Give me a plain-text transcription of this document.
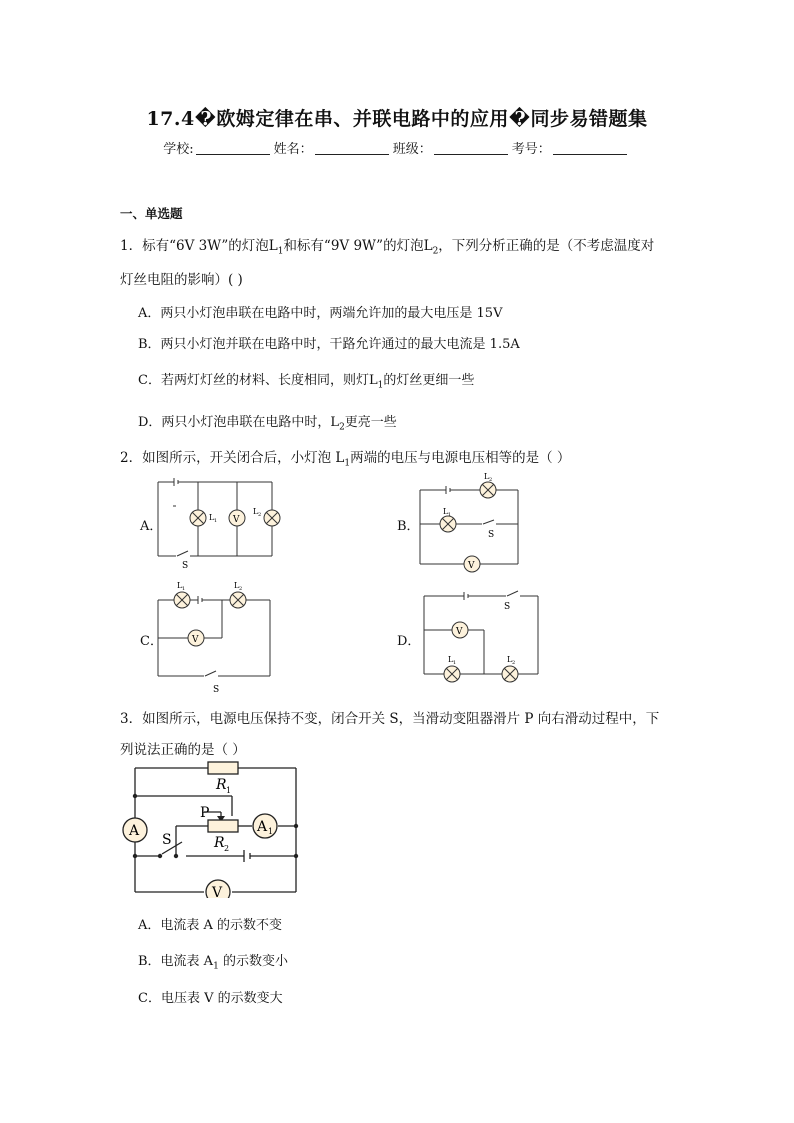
17.4�欧姆定律在串、并联电路中的应用�同步易错题集
学校:	姓名：	班级：	考号：
一、单选题
1．标有“6V 3W”的灯泡$L_1$和标有“9V 9W”的灯泡$L_2$，下列分析正确的是（不考虑温度对
灯丝电阻的影响）( )
A．两只小灯泡串联在电路中时，两端允许加的最大电压是 15V
B．两只小灯泡并联在电路中时，干路允许通过的最大电流是 1.5A
C．若两灯灯丝的材料、长度相同，则灯$L_1$的灯丝更细一些
D．两只小灯泡串联在电路中时，$L_2$更亮一些
2．如图所示，开关闭合后，小灯泡 $L_1$两端的电压与电源电压相等的是（ ）
A．	B．
C．	D．
V
L 1
L 2
S	V
L 2
L 1
S
V
L 1	L 2
S
V
L 1	L 2
S
3．如图所示，电源电压保持不变，闭合开关 S，当滑动变阻器滑片 P 向右滑动过程中，下
列说法正确的是（ ）
A	A 1
V
R 1
R 2
P
S
A．电流表 A 的示数不变
B．电流表 $A_1$ 的示数变小
C．电压表 V 的示数变大
